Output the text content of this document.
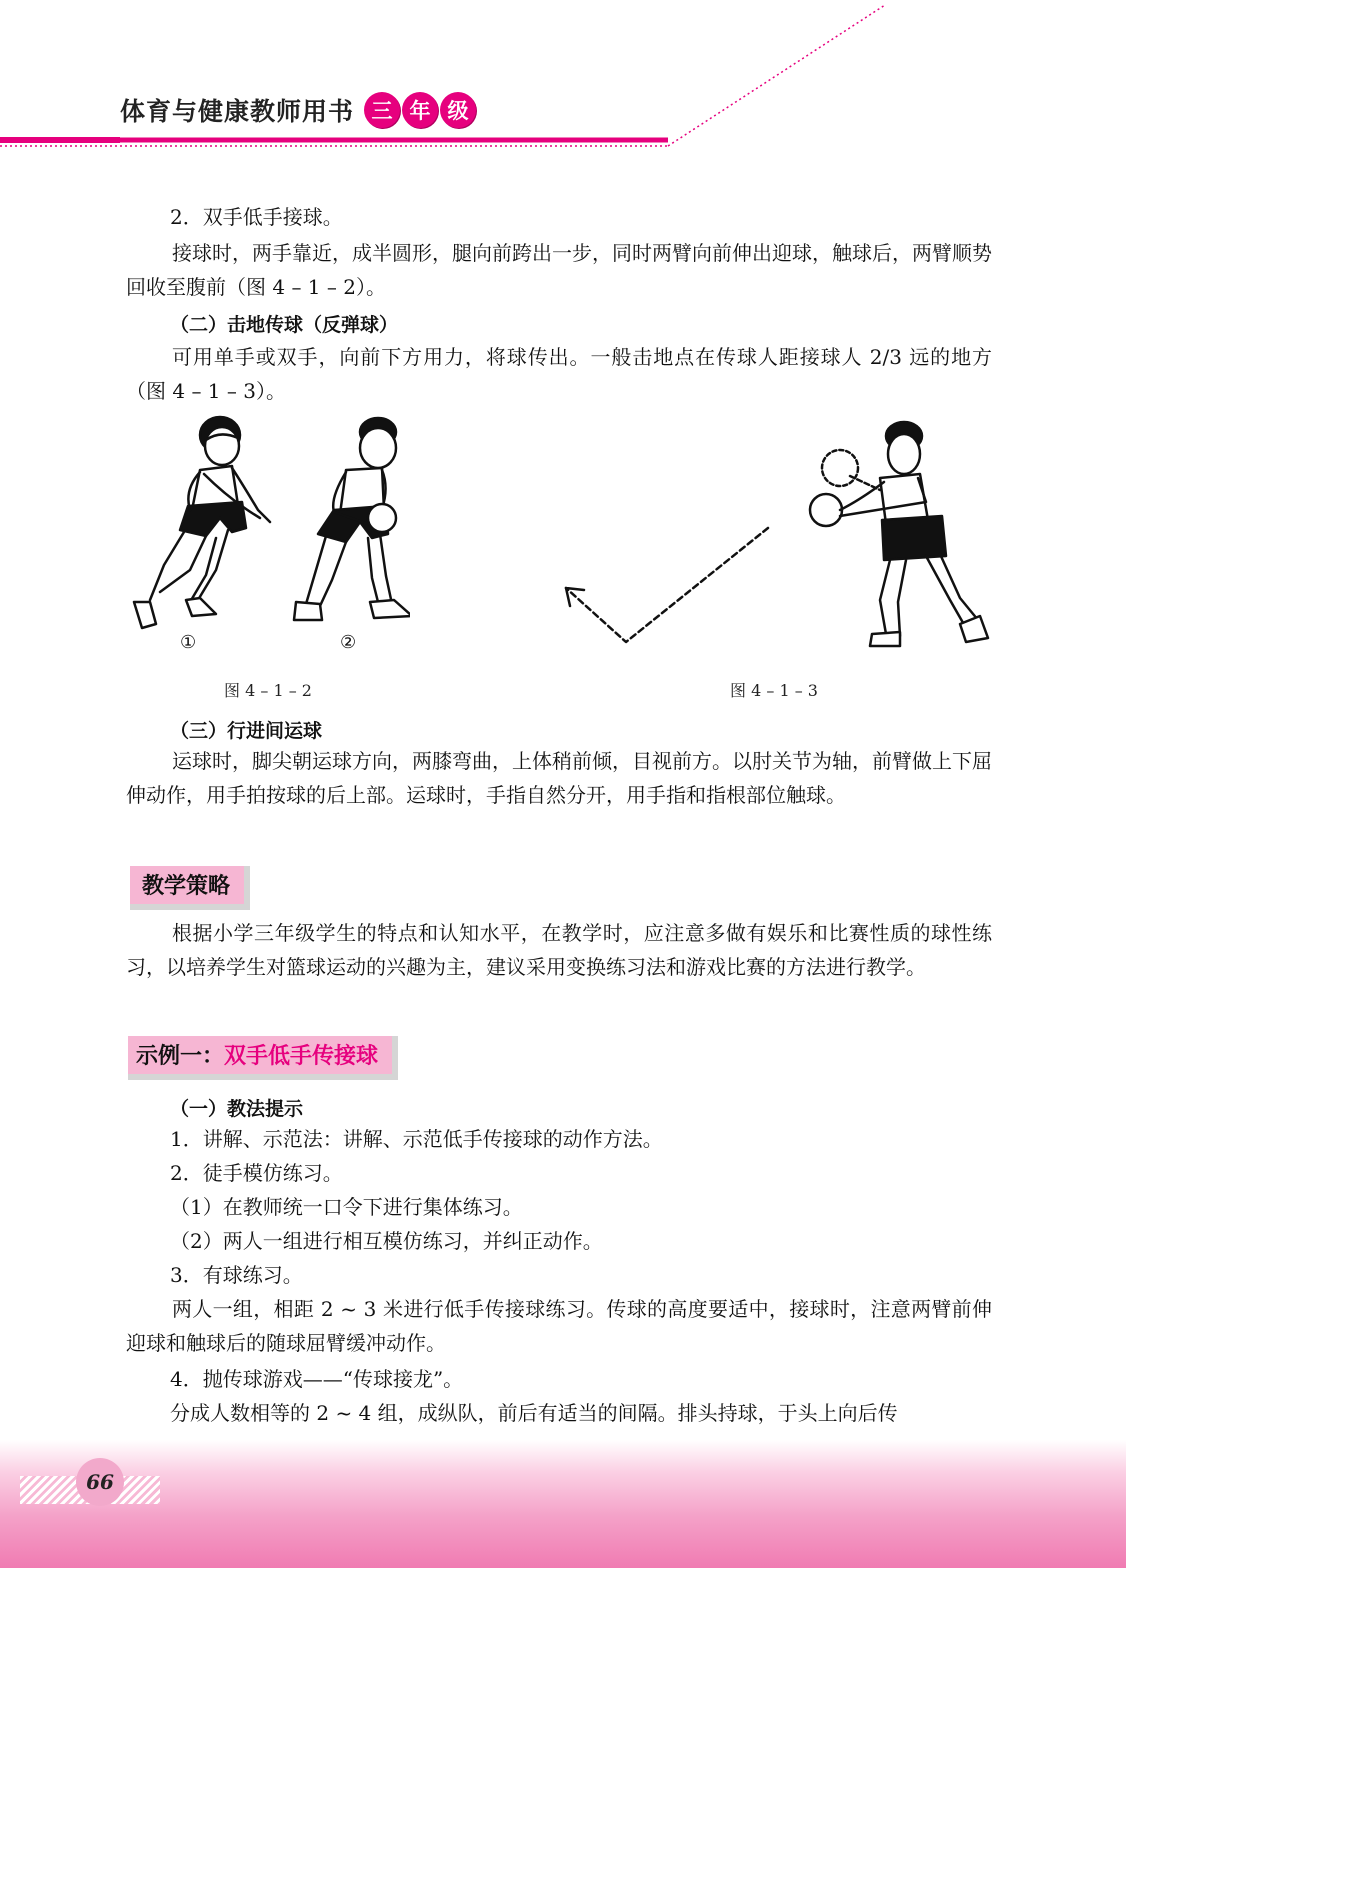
体育与健康教师用书 三 年 级
2．双手低手接球。
接球时，两手靠近，成半圆形，腿向前跨出一步，同时两臂向前伸出迎球，触球后，两臂顺势回收至腹前（图 4 – 1 – 2）。
（二）击地传球（反弹球）
可用单手或双手，向前下方用力，将球传出。一般击地点在传球人距接球人 2/3 远的地方（图 4 – 1 – 3）。
①	②
图 4 – 1 – 2	图 4 – 1 – 3
（三）行进间运球
运球时，脚尖朝运球方向，两膝弯曲，上体稍前倾，目视前方。以肘关节为轴，前臂做上下屈伸动作，用手拍按球的后上部。运球时，手指自然分开，用手指和指根部位触球。
教学策略
根据小学三年级学生的特点和认知水平，在教学时，应注意多做有娱乐和比赛性质的球性练习，以培养学生对篮球运动的兴趣为主，建议采用变换练习法和游戏比赛的方法进行教学。
示例一：双手低手传接球
（一）教法提示
1．讲解、示范法：讲解、示范低手传接球的动作方法。
2．徒手模仿练习。
（1）在教师统一口令下进行集体练习。
（2）两人一组进行相互模仿练习，并纠正动作。
3．有球练习。
两人一组，相距 2 ~ 3 米进行低手传接球练习。传球的高度要适中，接球时，注意两臂前伸迎球和触球后的随球屈臂缓冲动作。
4．抛传球游戏——“传球接龙”。
分成人数相等的 2 ~ 4 组，成纵队，前后有适当的间隔。排头持球，于头上向后传
66
